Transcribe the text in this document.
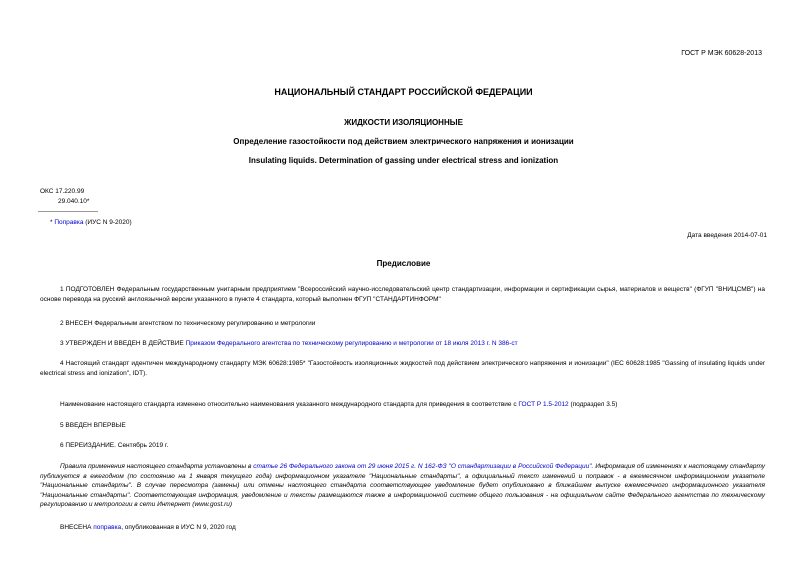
ГОСТ Р МЭК 60628-2013
НАЦИОНАЛЬНЫЙ СТАНДАРТ РОССИЙСКОЙ ФЕДЕРАЦИИ
ЖИДКОСТИ ИЗОЛЯЦИОННЫЕ
Определение газостойкости под действием электрического напряжения и ионизации
Insulating liquids. Determination of gassing under electrical stress and ionization
ОКС 17.220.99
29.040.10*
* Поправка (ИУС N 9-2020)
Дата введения 2014-07-01
Предисловие
1 ПОДГОТОВЛЕН Федеральным государственным унитарным предприятием "Всероссийский научно-исследовательский центр стандартизации, информации и сертификации сырья, материалов и веществ" (ФГУП "ВНИЦСМВ") на основе перевода на русский англоязычной версии указанного в пункте 4 стандарта, который выполнен ФГУП "СТАНДАРТИНФОРМ"
2 ВНЕСЕН Федеральным агентством по техническому регулированию и метрологии
3 УТВЕРЖДЕН И ВВЕДЕН В ДЕЙСТВИЕ Приказом Федерального агентства по техническому регулированию и метрологии от 18 июля 2013 г. N 386-ст
4 Настоящий стандарт идентичен международному стандарту МЭК 60628:1985* "Газостойкость изоляционных жидкостей под действием электрического напряжения и ионизации" (IEC 60628:1985 "Gassing of insulating liquids under electrical stress and ionization", IDT).
Наименование настоящего стандарта изменено относительно наименования указанного международного стандарта для приведения в соответствие с ГОСТ Р 1.5-2012 (подраздел 3.5)
5 ВВЕДЕН ВПЕРВЫЕ
6 ПЕРЕИЗДАНИЕ. Сентябрь 2019 г.
Правила применения настоящего стандарта установлены в статье 26 Федерального закона от 29 июня 2015 г. N 162-ФЗ "О стандартизации в Российской Федерации". Информация об изменениях к настоящему стандарту публикуется в ежегодном (по состоянию на 1 января текущего года) информационном указателе "Национальные стандарты", а официальный текст изменений и поправок - в ежемесячном информационном указателе "Национальные стандарты". В случае пересмотра (замены) или отмены настоящего стандарта соответствующее уведомление будет опубликовано в ближайшем выпуске ежемесячного информационного указателя "Национальные стандарты". Соответствующая информация, уведомление и тексты размещаются также в информационной системе общего пользования - на официальном сайте Федерального агентства по техническому регулированию и метрологии в сети Интернет (www.gost.ru)
ВНЕСЕНА поправка, опубликованная в ИУС N 9, 2020 год
